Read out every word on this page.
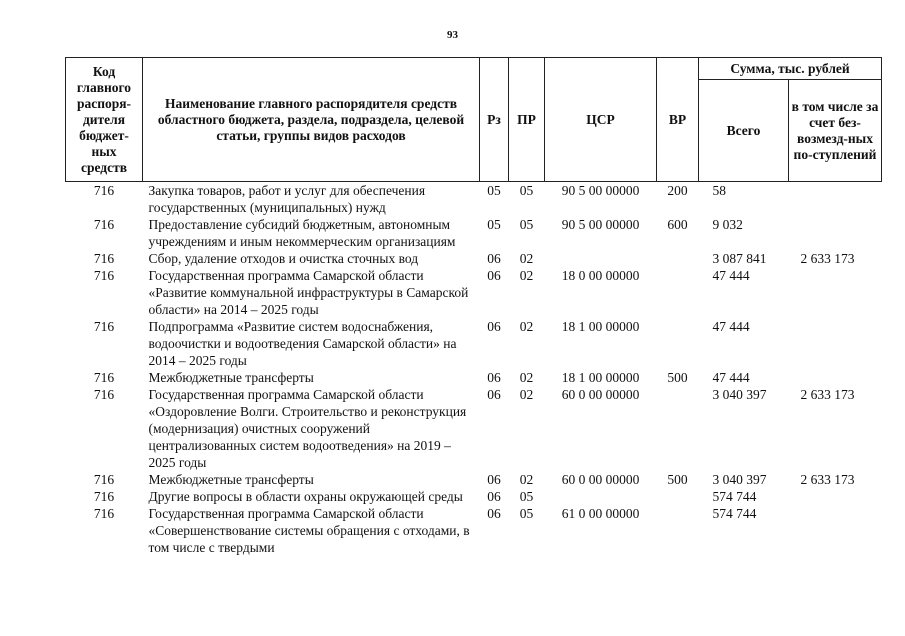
93
Код главного распоря-дителя бюджет-ных средств	Наименование главного распорядителя средств областного бюджета, раздела, подраздела, целевой статьи, группы видов расходов	Рз	ПР	ЦСР	ВР	Сумма, тыс. рублей	
						Всего	в том числе за счет без-возмезд-ных по-ступлений
716	Закупка товаров, работ и услуг для обеспечения государственных (муниципальных) нужд	05	05	90 5 00 00000	200	58	
716	Предоставление субсидий бюджетным, автономным учреждениям и иным некоммерческим организациям	05	05	90 5 00 00000	600	9 032	
716	Сбор, удаление отходов и очистка сточных вод	06	02			3 087 841	2 633 173
716	Государственная программа Самарской области «Развитие коммунальной инфраструктуры в Самарской области» на 2014 – 2025 годы	06	02	18 0 00 00000		47 444	
716	Подпрограмма «Развитие систем водоснабжения, водоочистки и водоотведения Самарской области» на 2014 – 2025 годы	06	02	18 1 00 00000		47 444	
716	Межбюджетные трансферты	06	02	18 1 00 00000	500	47 444	
716	Государственная программа Самарской области «Оздоровление Волги. Строительство и реконструкция (модернизация) очистных сооружений централизованных систем водоотведения» на 2019 – 2025 годы	06	02	60 0 00 00000		3 040 397	2 633 173
716	Межбюджетные трансферты	06	02	60 0 00 00000	500	3 040 397	2 633 173
716	Другие вопросы в области охраны окружающей среды	06	05			574 744	
716	Государственная программа Самарской области «Совершенствование системы обращения с отходами, в том числе с твердыми	06	05	61 0 00 00000		574 744	
